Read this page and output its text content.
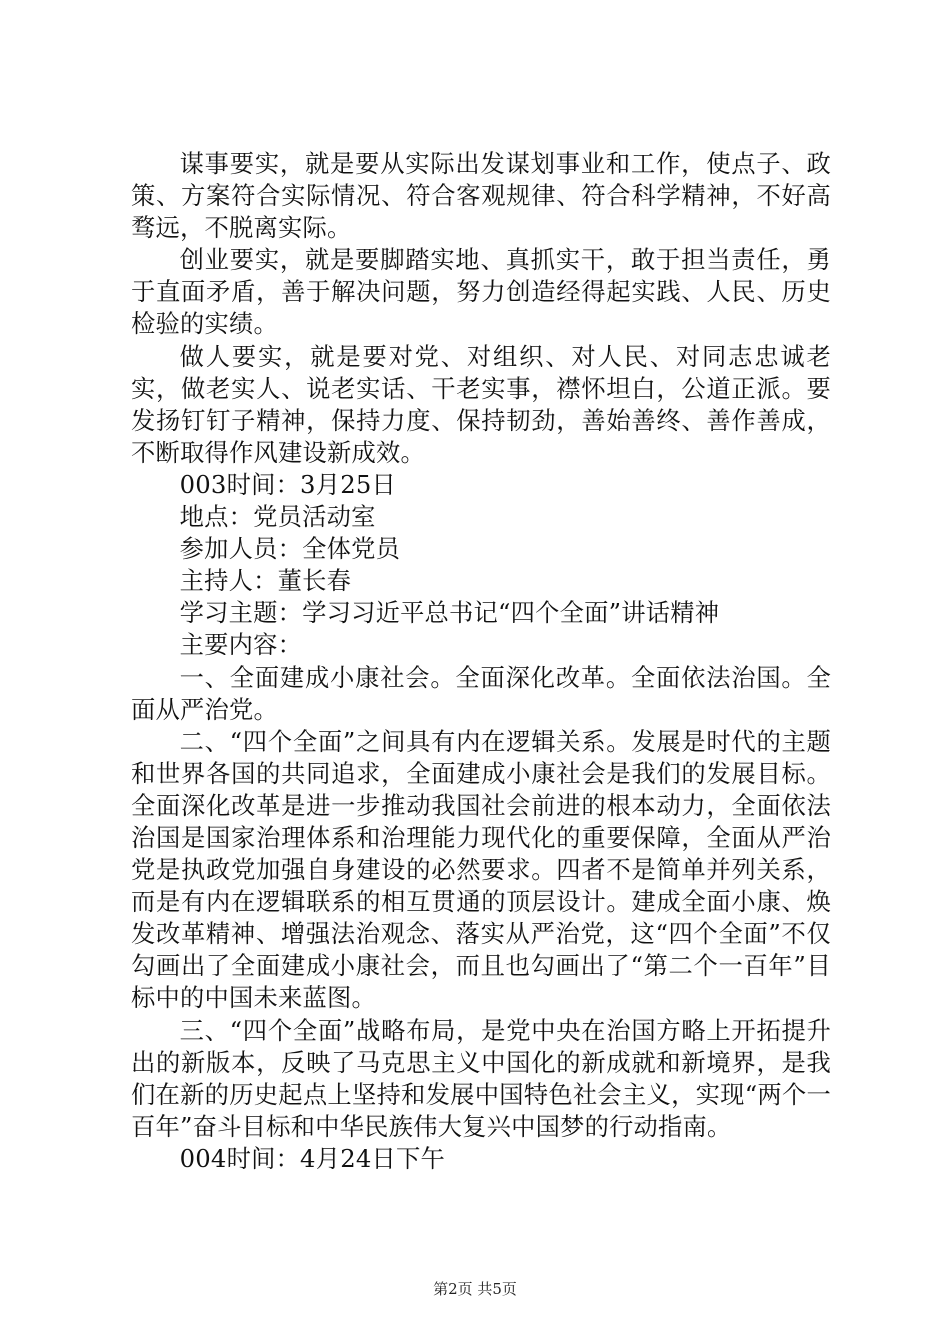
谋事要实，就是要从实际出发谋划事业和工作，使点子、政策、方案符合实际情况、符合客观规律、符合科学精神，不好高骛远，不脱离实际。

创业要实，就是要脚踏实地、真抓实干，敢于担当责任，勇于直面矛盾，善于解决问题，努力创造经得起实践、人民、历史检验的实绩。

做人要实，就是要对党、对组织、对人民、对同志忠诚老实，做老实人、说老实话、干老实事，襟怀坦白，公道正派。要发扬钉钉子精神，保持力度、保持韧劲，善始善终、善作善成，不断取得作风建设新成效。

003时间：3月25日

地点：党员活动室

参加人员：全体党员

主持人：董长春

学习主题：学习习近平总书记“四个全面”讲话精神

主要内容：

一、全面建成小康社会。全面深化改革。全面依法治国。全面从严治党。

二、“四个全面”之间具有内在逻辑关系。发展是时代的主题和世界各国的共同追求，全面建成小康社会是我们的发展目标。全面深化改革是进一步推动我国社会前进的根本动力，全面依法治国是国家治理体系和治理能力现代化的重要保障，全面从严治党是执政党加强自身建设的必然要求。四者不是简单并列关系，而是有内在逻辑联系的相互贯通的顶层设计。建成全面小康、焕发改革精神、增强法治观念、落实从严治党，这“四个全面”不仅勾画出了全面建成小康社会，而且也勾画出了“第二个一百年”目标中的中国未来蓝图。

三、“四个全面”战略布局，是党中央在治国方略上开拓提升出的新版本，反映了马克思主义中国化的新成就和新境界，是我们在新的历史起点上坚持和发展中国特色社会主义，实现“两个一百年”奋斗目标和中华民族伟大复兴中国梦的行动指南。

004时间：4月24日下午

第2页 共5页
